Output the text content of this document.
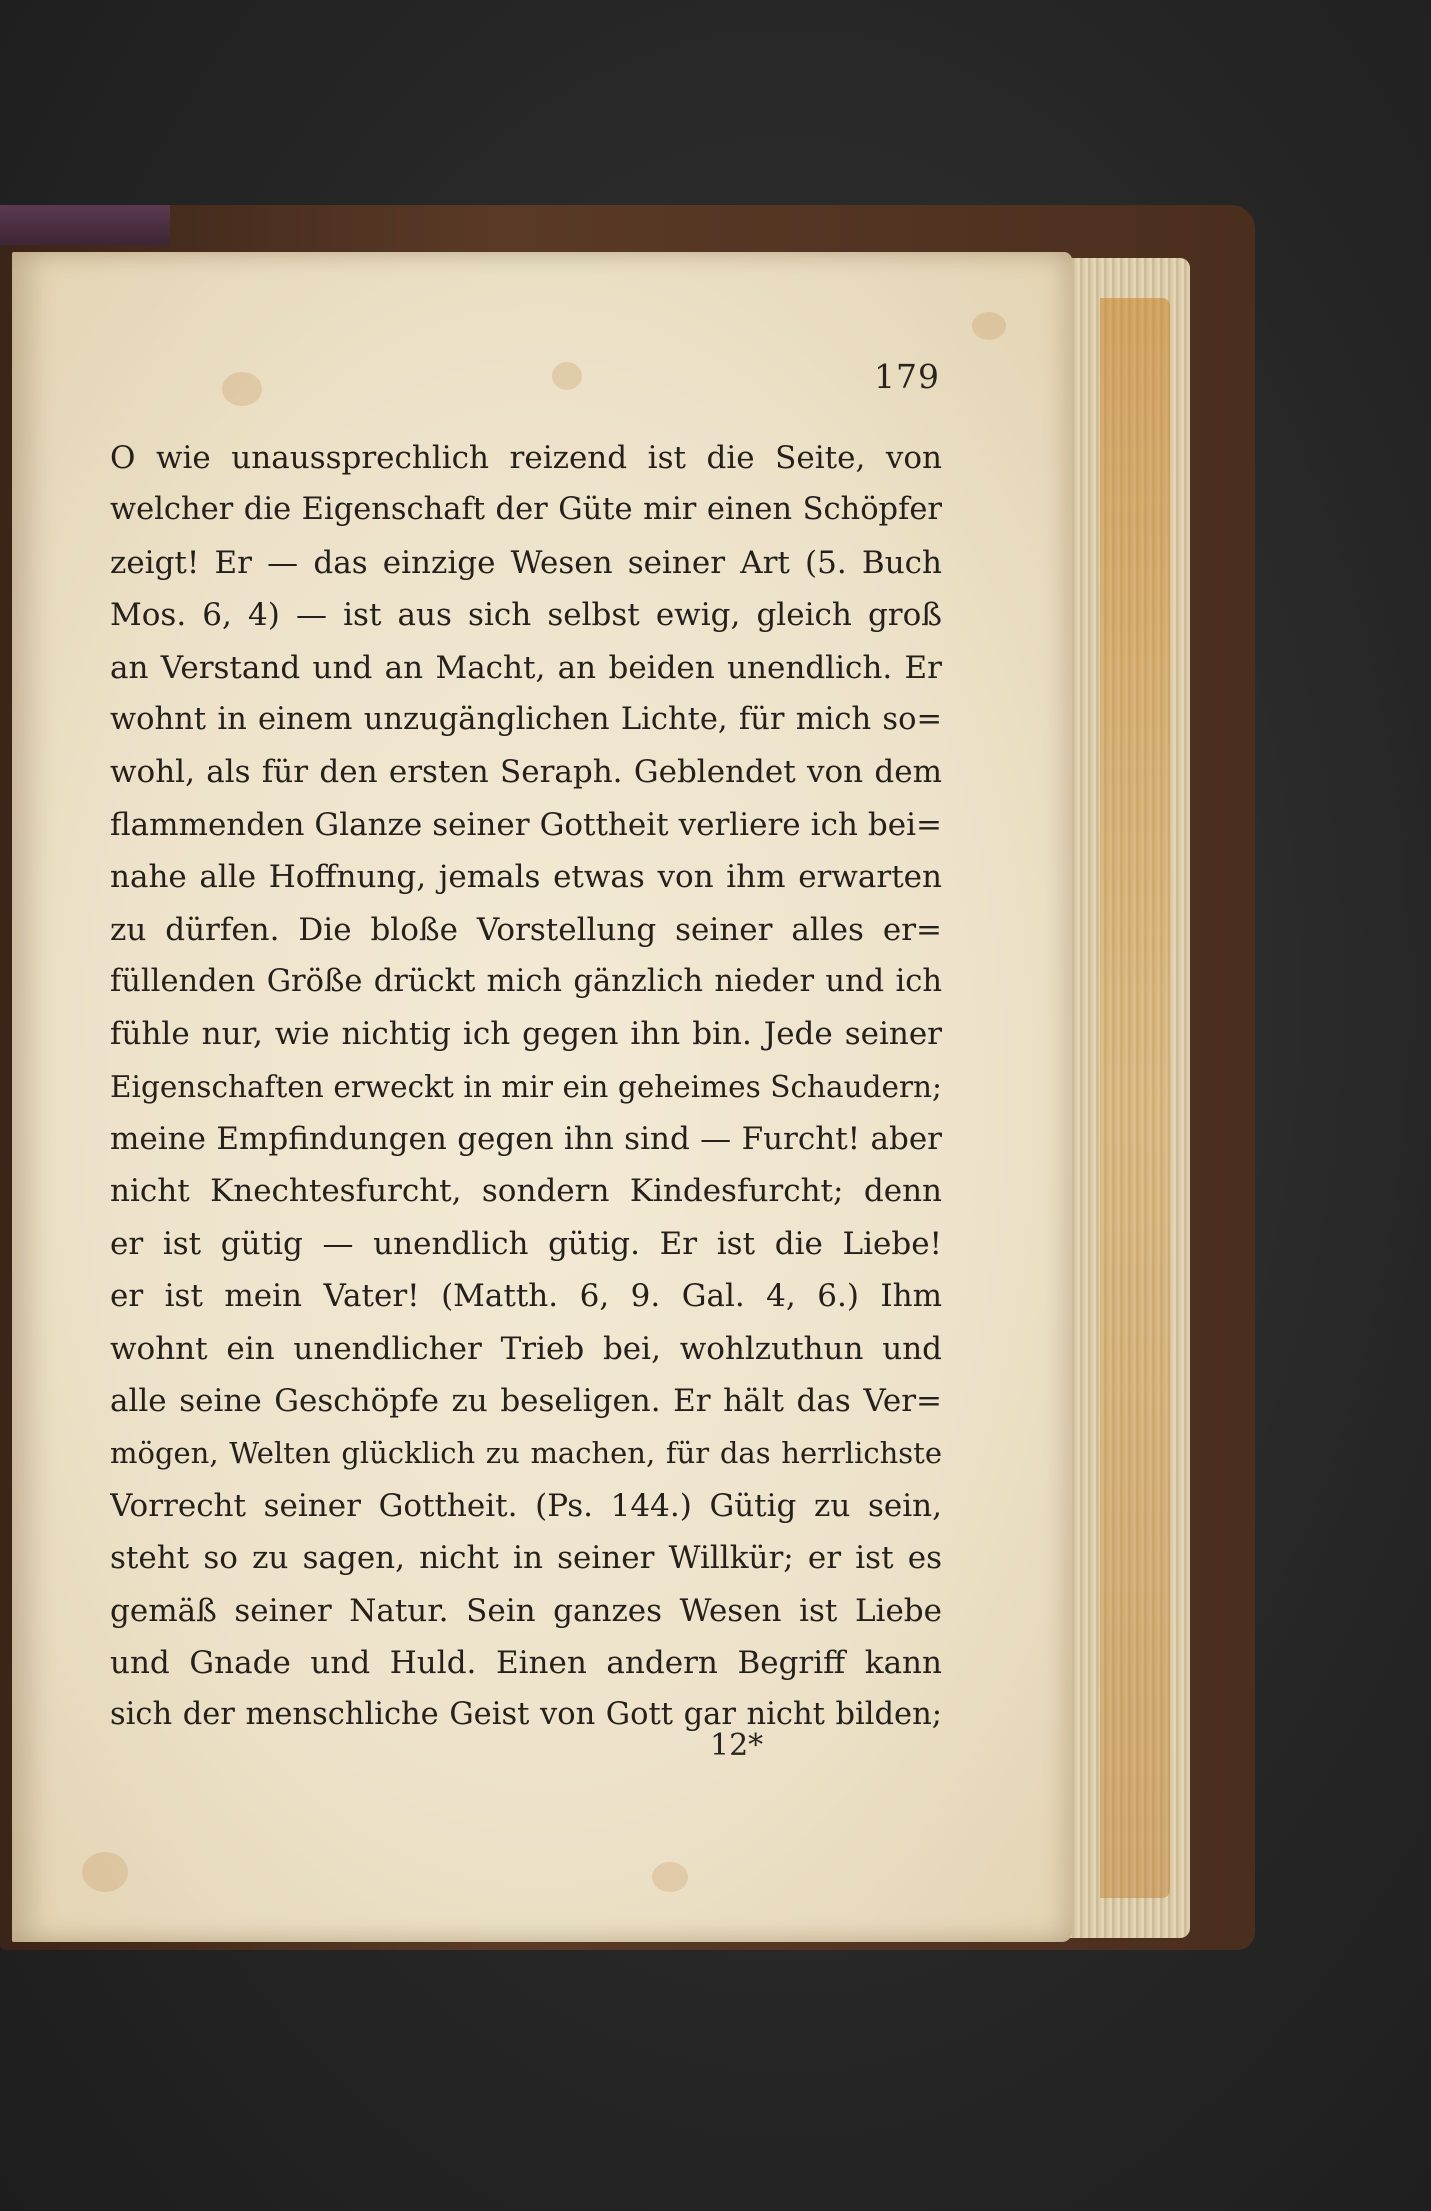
179
O wie unaussprechlich reizend ist die Seite, von
welcher die Eigenschaft der Güte mir einen Schöpfer
zeigt! Er — das einzige Wesen seiner Art (5. Buch
Mos. 6, 4) — ist aus sich selbst ewig, gleich groß
an Verstand und an Macht, an beiden unendlich. Er
wohnt in einem unzugänglichen Lichte, für mich so=
wohl, als für den ersten Seraph. Geblendet von dem
flammenden Glanze seiner Gottheit verliere ich bei=
nahe alle Hoffnung, jemals etwas von ihm erwarten
zu dürfen. Die bloße Vorstellung seiner alles er=
füllenden Größe drückt mich gänzlich nieder und ich
fühle nur, wie nichtig ich gegen ihn bin. Jede seiner
Eigenschaften erweckt in mir ein geheimes Schaudern;
meine Empfindungen gegen ihn sind — Furcht! aber
nicht Knechtesfurcht, sondern Kindesfurcht; denn
er ist gütig — unendlich gütig. Er ist die Liebe!
er ist mein Vater! (Matth. 6, 9. Gal. 4, 6.) Ihm
wohnt ein unendlicher Trieb bei, wohlzuthun und
alle seine Geschöpfe zu beseligen. Er hält das Ver=
mögen, Welten glücklich zu machen, für das herrlichste
Vorrecht seiner Gottheit. (Ps. 144.) Gütig zu sein,
steht so zu sagen, nicht in seiner Willkür; er ist es
gemäß seiner Natur. Sein ganzes Wesen ist Liebe
und Gnade und Huld. Einen andern Begriff kann
sich der menschliche Geist von Gott gar nicht bilden;
12*
